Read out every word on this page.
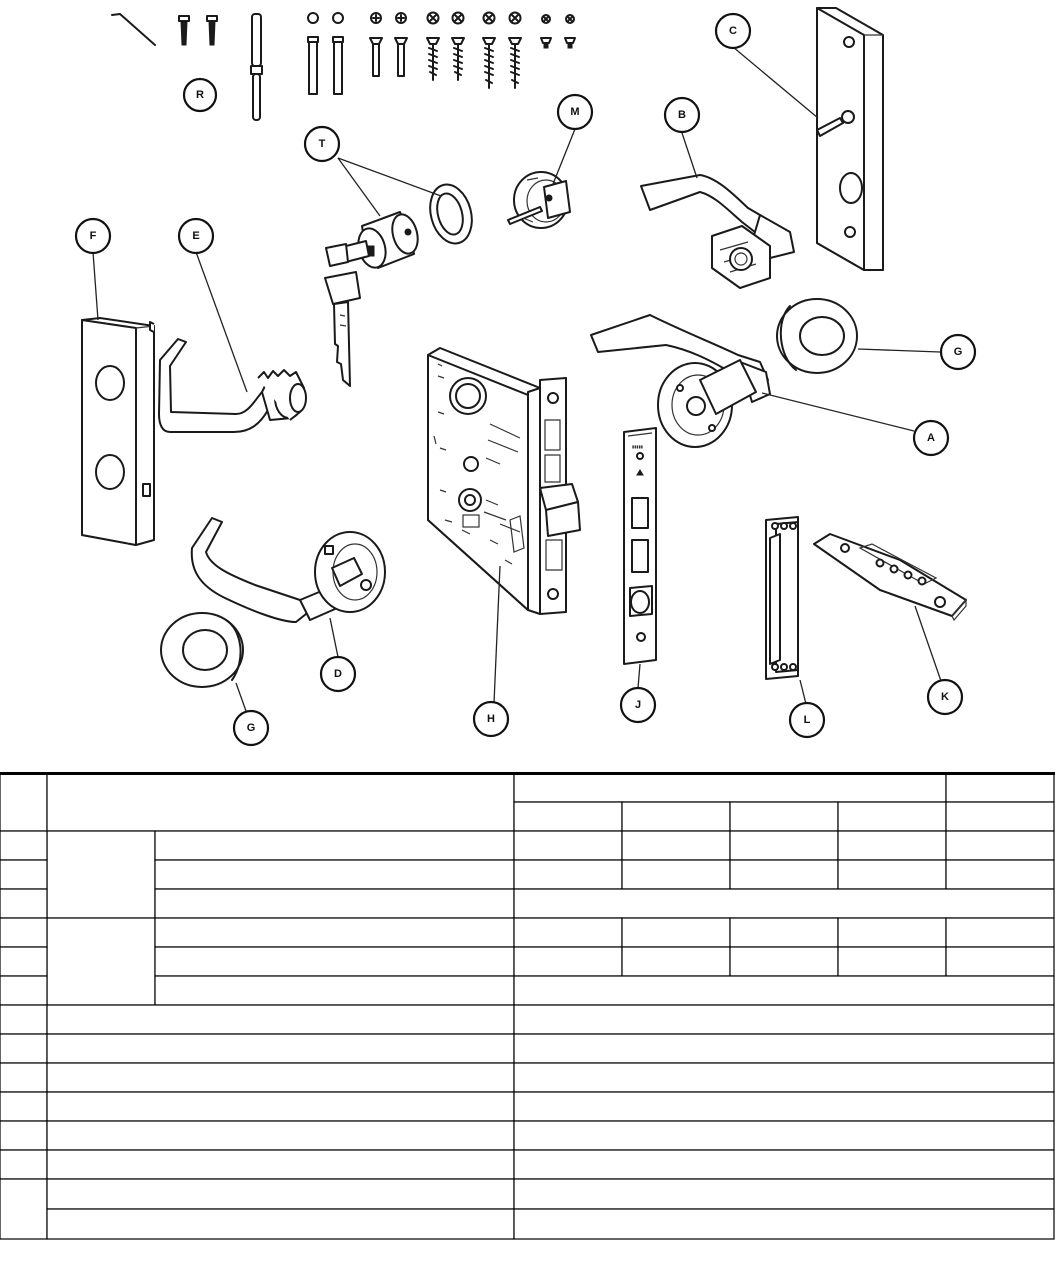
▮▮▮▮▮
R
C
B
M
T
F	E
G
A
D
G
H
J
L
K
